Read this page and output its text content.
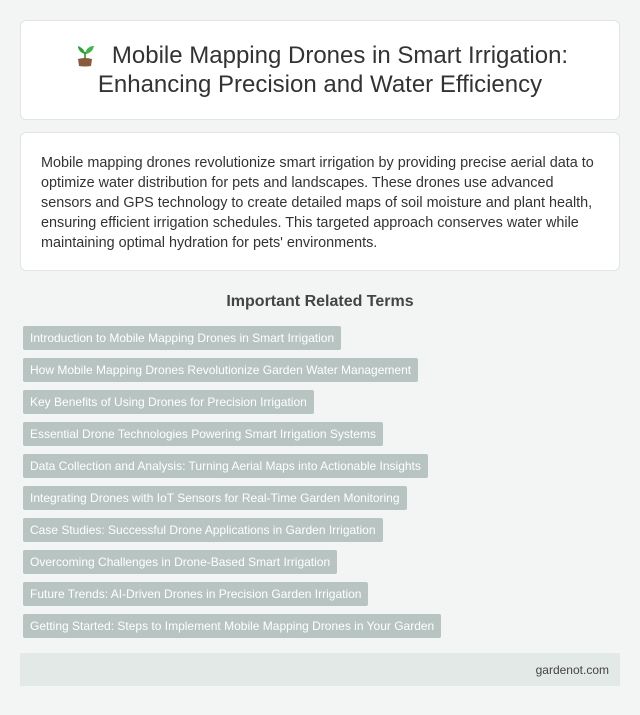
Mobile Mapping Drones in Smart Irrigation: Enhancing Precision and Water Efficiency

Mobile mapping drones revolutionize smart irrigation by providing precise aerial data to optimize water distribution for pets and landscapes. These drones use advanced sensors and GPS technology to create detailed maps of soil moisture and plant health, ensuring efficient irrigation schedules. This targeted approach conserves water while maintaining optimal hydration for pets' environments.

Important Related Terms
Introduction to Mobile Mapping Drones in Smart Irrigation
How Mobile Mapping Drones Revolutionize Garden Water Management
Key Benefits of Using Drones for Precision Irrigation
Essential Drone Technologies Powering Smart Irrigation Systems
Data Collection and Analysis: Turning Aerial Maps into Actionable Insights
Integrating Drones with IoT Sensors for Real-Time Garden Monitoring
Case Studies: Successful Drone Applications in Garden Irrigation
Overcoming Challenges in Drone-Based Smart Irrigation
Future Trends: AI-Driven Drones in Precision Garden Irrigation
Getting Started: Steps to Implement Mobile Mapping Drones in Your Garden
gardenot.com
